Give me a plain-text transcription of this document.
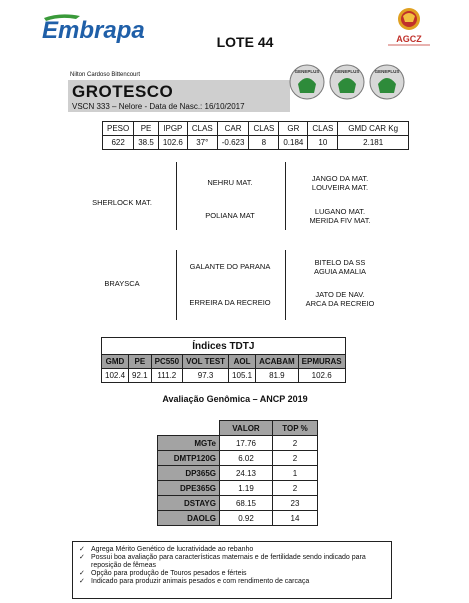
Embrapa	LOTE 44	AGCZ
Nilton Cardoso Bittencourt
GROTESCO
VSCN 333 – Nelore - Data de Nasc.: 16/10/2017
GENEPLUS	GENEPLUS	GENEPLUS
PESO	PE	IPGP	CLAS	CAR	CLAS	GR	CLAS	GMD CAR Kg
622	38.5	102.6	37°	-0.623	8	0.184	10	2.181
SHERLOCK MAT.
NEHRU MAT.
POLIANA MAT
JANGO DA MAT.
LOUVEIRA MAT.
LUGANO MAT.
MERIDA FIV MAT.
BRAYSCA
GALANTE DO PARANA
ERREIRA DA RECREIO
BITELO DA SS
AGUIA AMALIA
JATO DE NAV.
ARCA DA RECREIO
Índices TDTJ						
GMD	PE	PC550	VOL TEST	AOL	ACABAM	EPMURAS
102.4	92.1	111.2	97.3	105.1	81.9	102.6
Avaliação Genômica – ANCP 2019
	VALOR	TOP %
MGTe	17.76	2
DMTP120G	6.02	2
DP365G	24.13	1
DPE365G	1.19	2
DSTAYG	68.15	23
DAOLG	0.92	14
✓ Agrega Mérito Genético de lucratividade ao rebanho
✓ Possui boa avaliação para características maternais e de fertilidade sendo indicado para reposição de fêmeas
✓ Opção para produção de Touros pesados e férteis
✓ Indicado para produzir animais pesados e com rendimento de carcaça
